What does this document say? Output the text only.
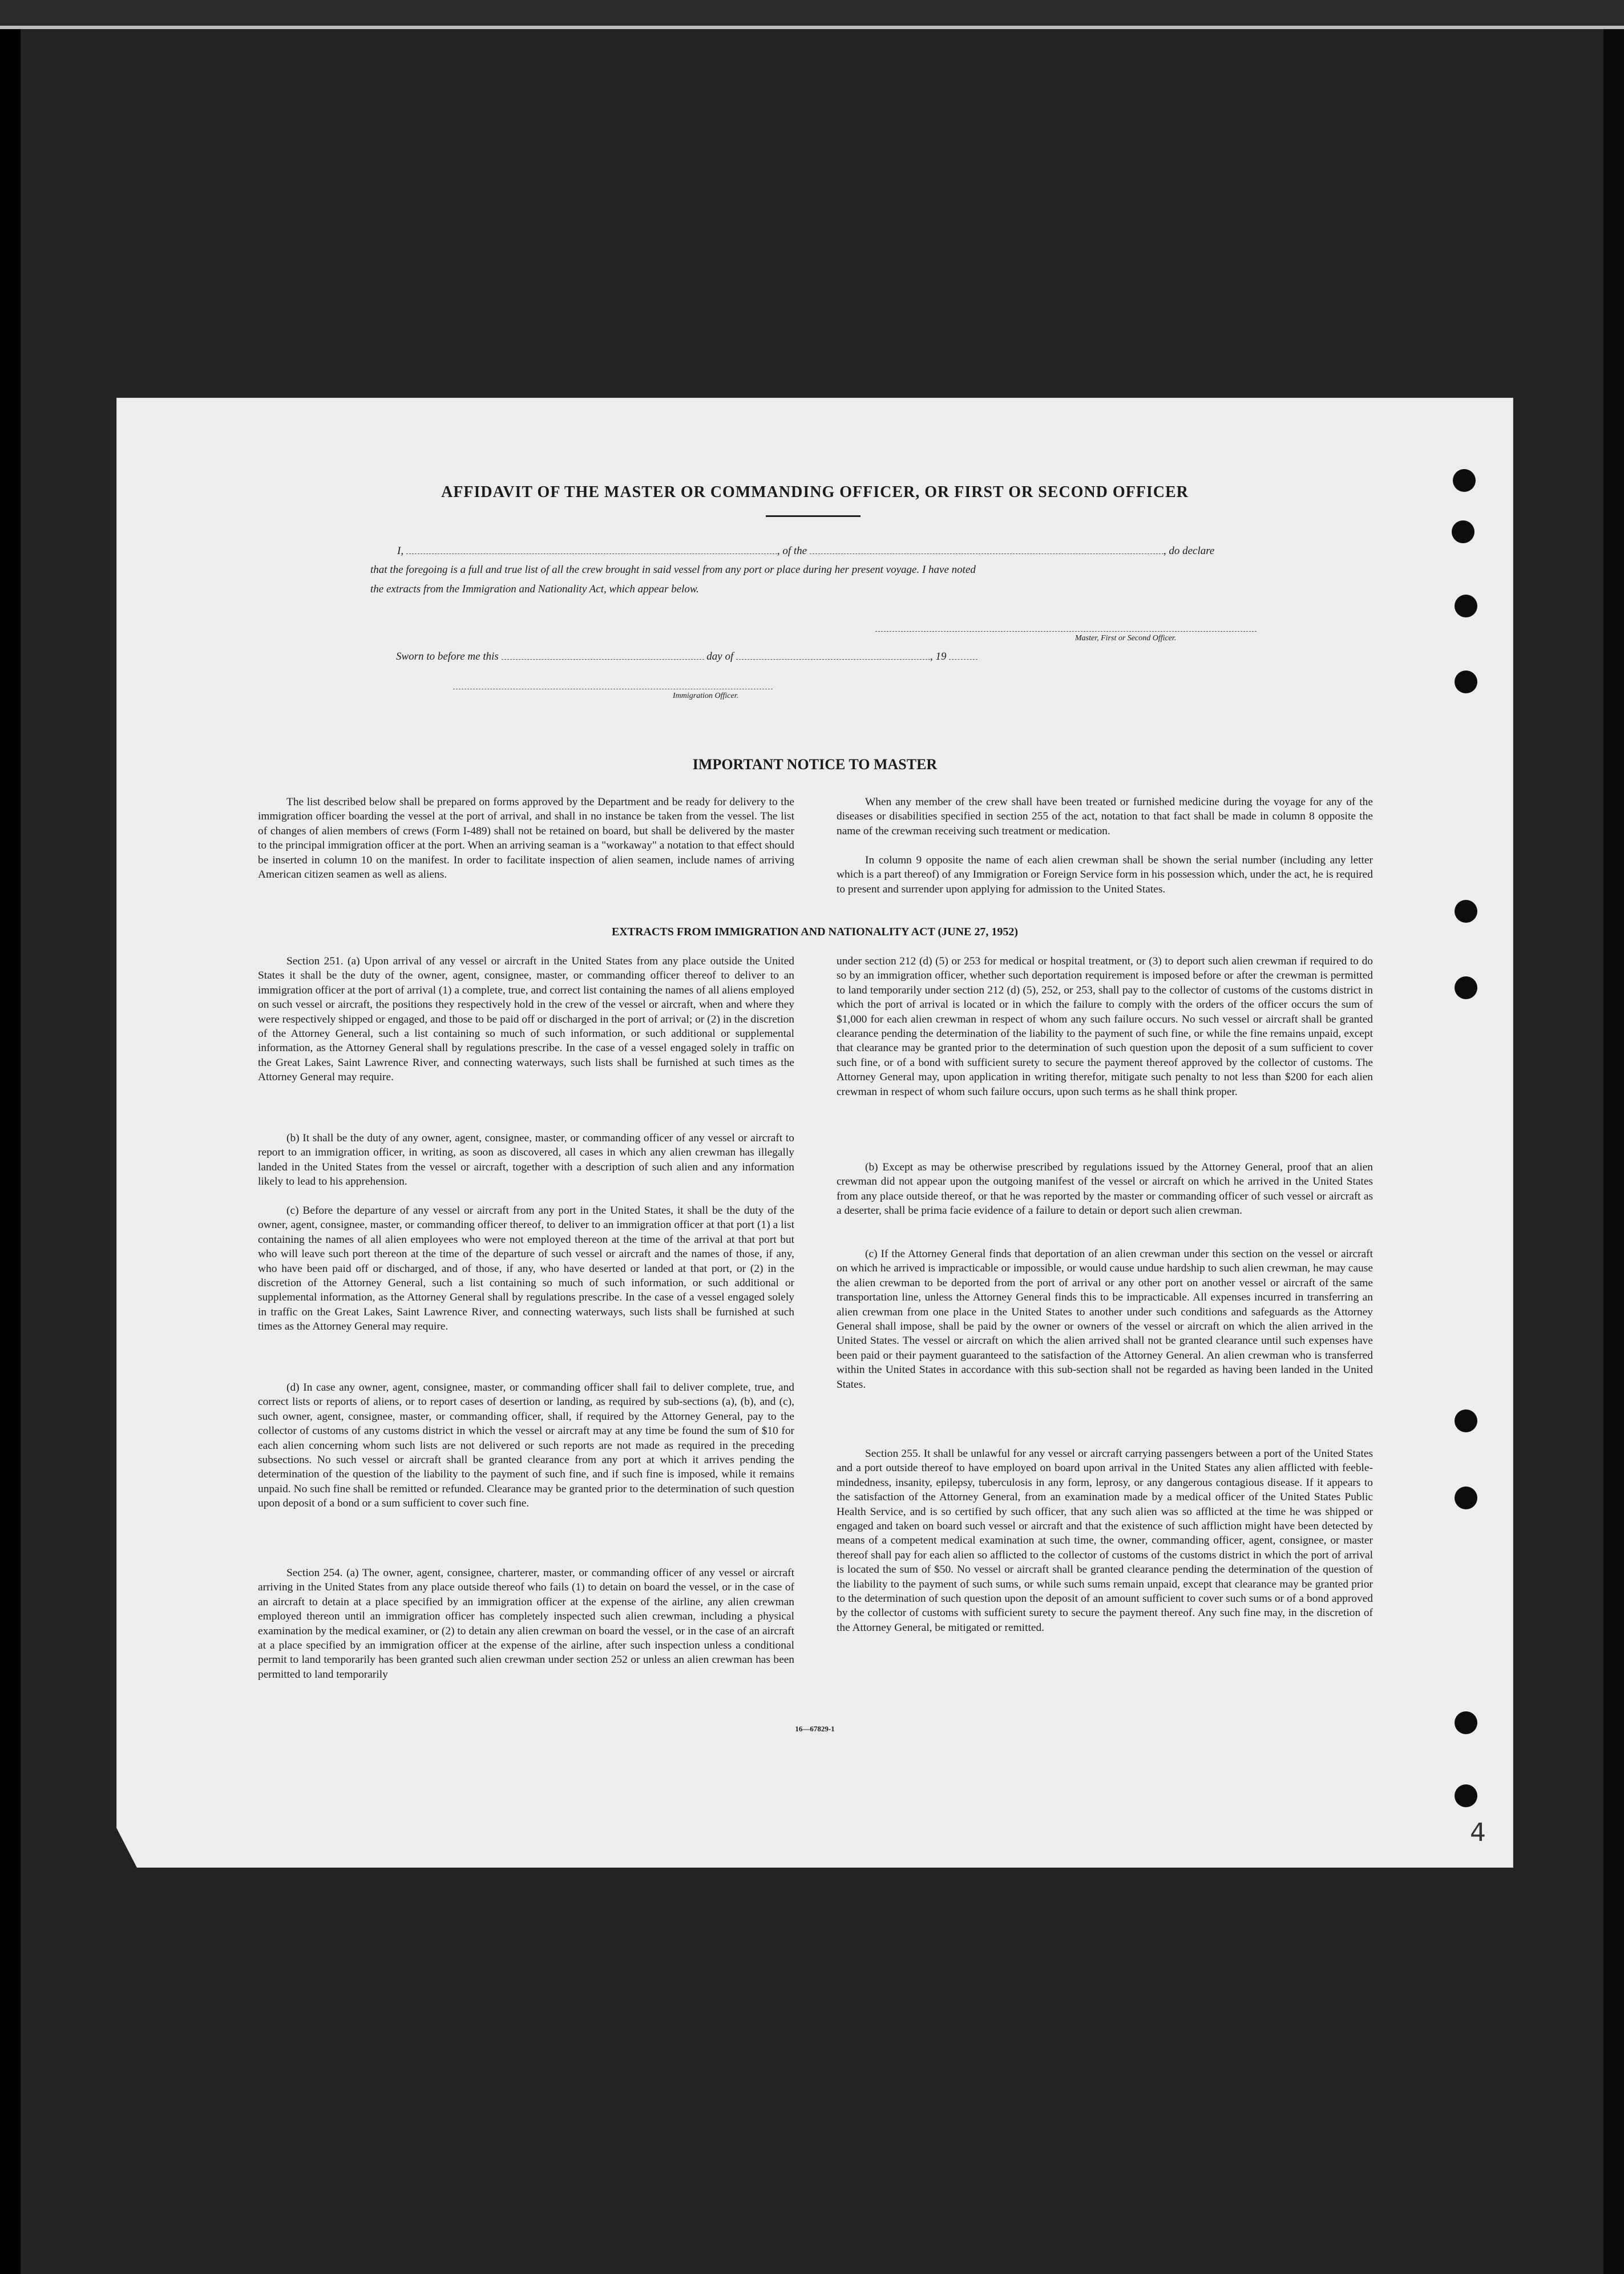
4
AFFIDAVIT OF THE MASTER OR COMMANDING OFFICER, OR FIRST OR SECOND OFFICER
I,	, of the	, do declare
that the foregoing is a full and true list of all the crew brought in said vessel from any port or place during her present voyage. I have noted
the extracts from the Immigration and Nationality Act, which appear below.
Master, First or Second Officer.
Sworn to before me this	day of	, 19
Immigration Officer.
IMPORTANT NOTICE TO MASTER

The list described below shall be prepared on forms approved by the Department and be ready for delivery to the immigration officer boarding the vessel at the port of arrival, and shall in no instance be taken from the vessel. The list of changes of alien members of crews (Form I-489) shall not be retained on board, but shall be delivered by the master to the principal immigration officer at the port. When an arriving seaman is a "workaway" a notation to that effect should be inserted in column 10 on the manifest. In order to facilitate inspection of alien seamen, include names of arriving American citizen seamen as well as aliens.

When any member of the crew shall have been treated or furnished medicine during the voyage for any of the diseases or disabilities specified in section 255 of the act, notation to that fact shall be made in column 8 opposite the name of the crewman receiving such treatment or medication.

In column 9 opposite the name of each alien crewman shall be shown the serial number (including any letter which is a part thereof) of any Immigration or Foreign Service form in his possession which, under the act, he is required to present and surrender upon applying for admission to the United States.

EXTRACTS FROM IMMIGRATION AND NATIONALITY ACT (JUNE 27, 1952)

Section 251. (a) Upon arrival of any vessel or aircraft in the United States from any place outside the United States it shall be the duty of the owner, agent, consignee, master, or commanding officer thereof to deliver to an immigration officer at the port of arrival (1) a complete, true, and correct list containing the names of all aliens employed on such vessel or aircraft, the positions they respectively hold in the crew of the vessel or aircraft, when and where they were respectively shipped or engaged, and those to be paid off or discharged in the port of arrival; or (2) in the discretion of the Attorney General, such a list containing so much of such information, or such additional or supplemental information, as the Attorney General shall by regulations prescribe. In the case of a vessel engaged solely in traffic on the Great Lakes, Saint Lawrence River, and connecting waterways, such lists shall be furnished at such times as the Attorney General may require.

(b) It shall be the duty of any owner, agent, consignee, master, or commanding officer of any vessel or aircraft to report to an immigration officer, in writing, as soon as discovered, all cases in which any alien crewman has illegally landed in the United States from the vessel or aircraft, together with a description of such alien and any information likely to lead to his apprehension.

(c) Before the departure of any vessel or aircraft from any port in the United States, it shall be the duty of the owner, agent, consignee, master, or commanding officer thereof, to deliver to an immigration officer at that port (1) a list containing the names of all alien employees who were not employed thereon at the time of the arrival at that port but who will leave such port thereon at the time of the departure of such vessel or aircraft and the names of those, if any, who have been paid off or discharged, and of those, if any, who have deserted or landed at that port, or (2) in the discretion of the Attorney General, such a list containing so much of such information, or such additional or supplemental information, as the Attorney General shall by regulations prescribe. In the case of a vessel engaged solely in traffic on the Great Lakes, Saint Lawrence River, and connecting waterways, such lists shall be furnished at such times as the Attorney General may require.

(d) In case any owner, agent, consignee, master, or commanding officer shall fail to deliver complete, true, and correct lists or reports of aliens, or to report cases of desertion or landing, as required by sub-sections (a), (b), and (c), such owner, agent, consignee, master, or commanding officer, shall, if required by the Attorney General, pay to the collector of customs of any customs district in which the vessel or aircraft may at any time be found the sum of $10 for each alien concerning whom such lists are not delivered or such reports are not made as required in the preceding subsections. No such vessel or aircraft shall be granted clearance from any port at which it arrives pending the determination of the question of the liability to the payment of such fine, and if such fine is imposed, while it remains unpaid. No such fine shall be remitted or refunded. Clearance may be granted prior to the determination of such question upon deposit of a bond or a sum sufficient to cover such fine.

Section 254. (a) The owner, agent, consignee, charterer, master, or commanding officer of any vessel or aircraft arriving in the United States from any place outside thereof who fails (1) to detain on board the vessel, or in the case of an aircraft to detain at a place specified by an immigration officer at the expense of the airline, any alien crewman employed thereon until an immigration officer has completely inspected such alien crewman, including a physical examination by the medical examiner, or (2) to detain any alien crewman on board the vessel, or in the case of an aircraft at a place specified by an immigration officer at the expense of the airline, after such inspection unless a conditional permit to land temporarily has been granted such alien crewman under section 252 or unless an alien crewman has been permitted to land temporarily

under section 212 (d) (5) or 253 for medical or hospital treatment, or (3) to deport such alien crewman if required to do so by an immigration officer, whether such deportation requirement is imposed before or after the crewman is permitted to land temporarily under section 212 (d) (5), 252, or 253, shall pay to the collector of customs of the customs district in which the port of arrival is located or in which the failure to comply with the orders of the officer occurs the sum of $1,000 for each alien crewman in respect of whom any such failure occurs. No such vessel or aircraft shall be granted clearance pending the determination of the liability to the payment of such fine, or while the fine remains unpaid, except that clearance may be granted prior to the determination of such question upon the deposit of a sum sufficient to cover such fine, or of a bond with sufficient surety to secure the payment thereof approved by the collector of customs. The Attorney General may, upon application in writing therefor, mitigate such penalty to not less than $200 for each alien crewman in respect of whom such failure occurs, upon such terms as he shall think proper.

(b) Except as may be otherwise prescribed by regulations issued by the Attorney General, proof that an alien crewman did not appear upon the outgoing manifest of the vessel or aircraft on which he arrived in the United States from any place outside thereof, or that he was reported by the master or commanding officer of such vessel or aircraft as a deserter, shall be prima facie evidence of a failure to detain or deport such alien crewman.

(c) If the Attorney General finds that deportation of an alien crewman under this section on the vessel or aircraft on which he arrived is impracticable or impossible, or would cause undue hardship to such alien crewman, he may cause the alien crewman to be deported from the port of arrival or any other port on another vessel or aircraft of the same transportation line, unless the Attorney General finds this to be impracticable. All expenses incurred in transferring an alien crewman from one place in the United States to another under such conditions and safeguards as the Attorney General shall impose, shall be paid by the owner or owners of the vessel or aircraft on which the alien arrived in the United States. The vessel or aircraft on which the alien arrived shall not be granted clearance until such expenses have been paid or their payment guaranteed to the satisfaction of the Attorney General. An alien crewman who is transferred within the United States in accordance with this sub-section shall not be regarded as having been landed in the United States.

Section 255. It shall be unlawful for any vessel or aircraft carrying passengers between a port of the United States and a port outside thereof to have employed on board upon arrival in the United States any alien afflicted with feeble-mindedness, insanity, epilepsy, tuberculosis in any form, leprosy, or any dangerous contagious disease. If it appears to the satisfaction of the Attorney General, from an examination made by a medical officer of the United States Public Health Service, and is so certified by such officer, that any such alien was so afflicted at the time he was shipped or engaged and taken on board such vessel or aircraft and that the existence of such affliction might have been detected by means of a competent medical examination at such time, the owner, commanding officer, agent, consignee, or master thereof shall pay for each alien so afflicted to the collector of customs of the customs district in which the port of arrival is located the sum of $50. No vessel or aircraft shall be granted clearance pending the determination of the question of the liability to the payment of such sums, or while such sums remain unpaid, except that clearance may be granted prior to the determination of such question upon the deposit of an amount sufficient to cover such sums or of a bond approved by the collector of customs with sufficient surety to secure the payment thereof. Any such fine may, in the discretion of the Attorney General, be mitigated or remitted.

16—67829-1
